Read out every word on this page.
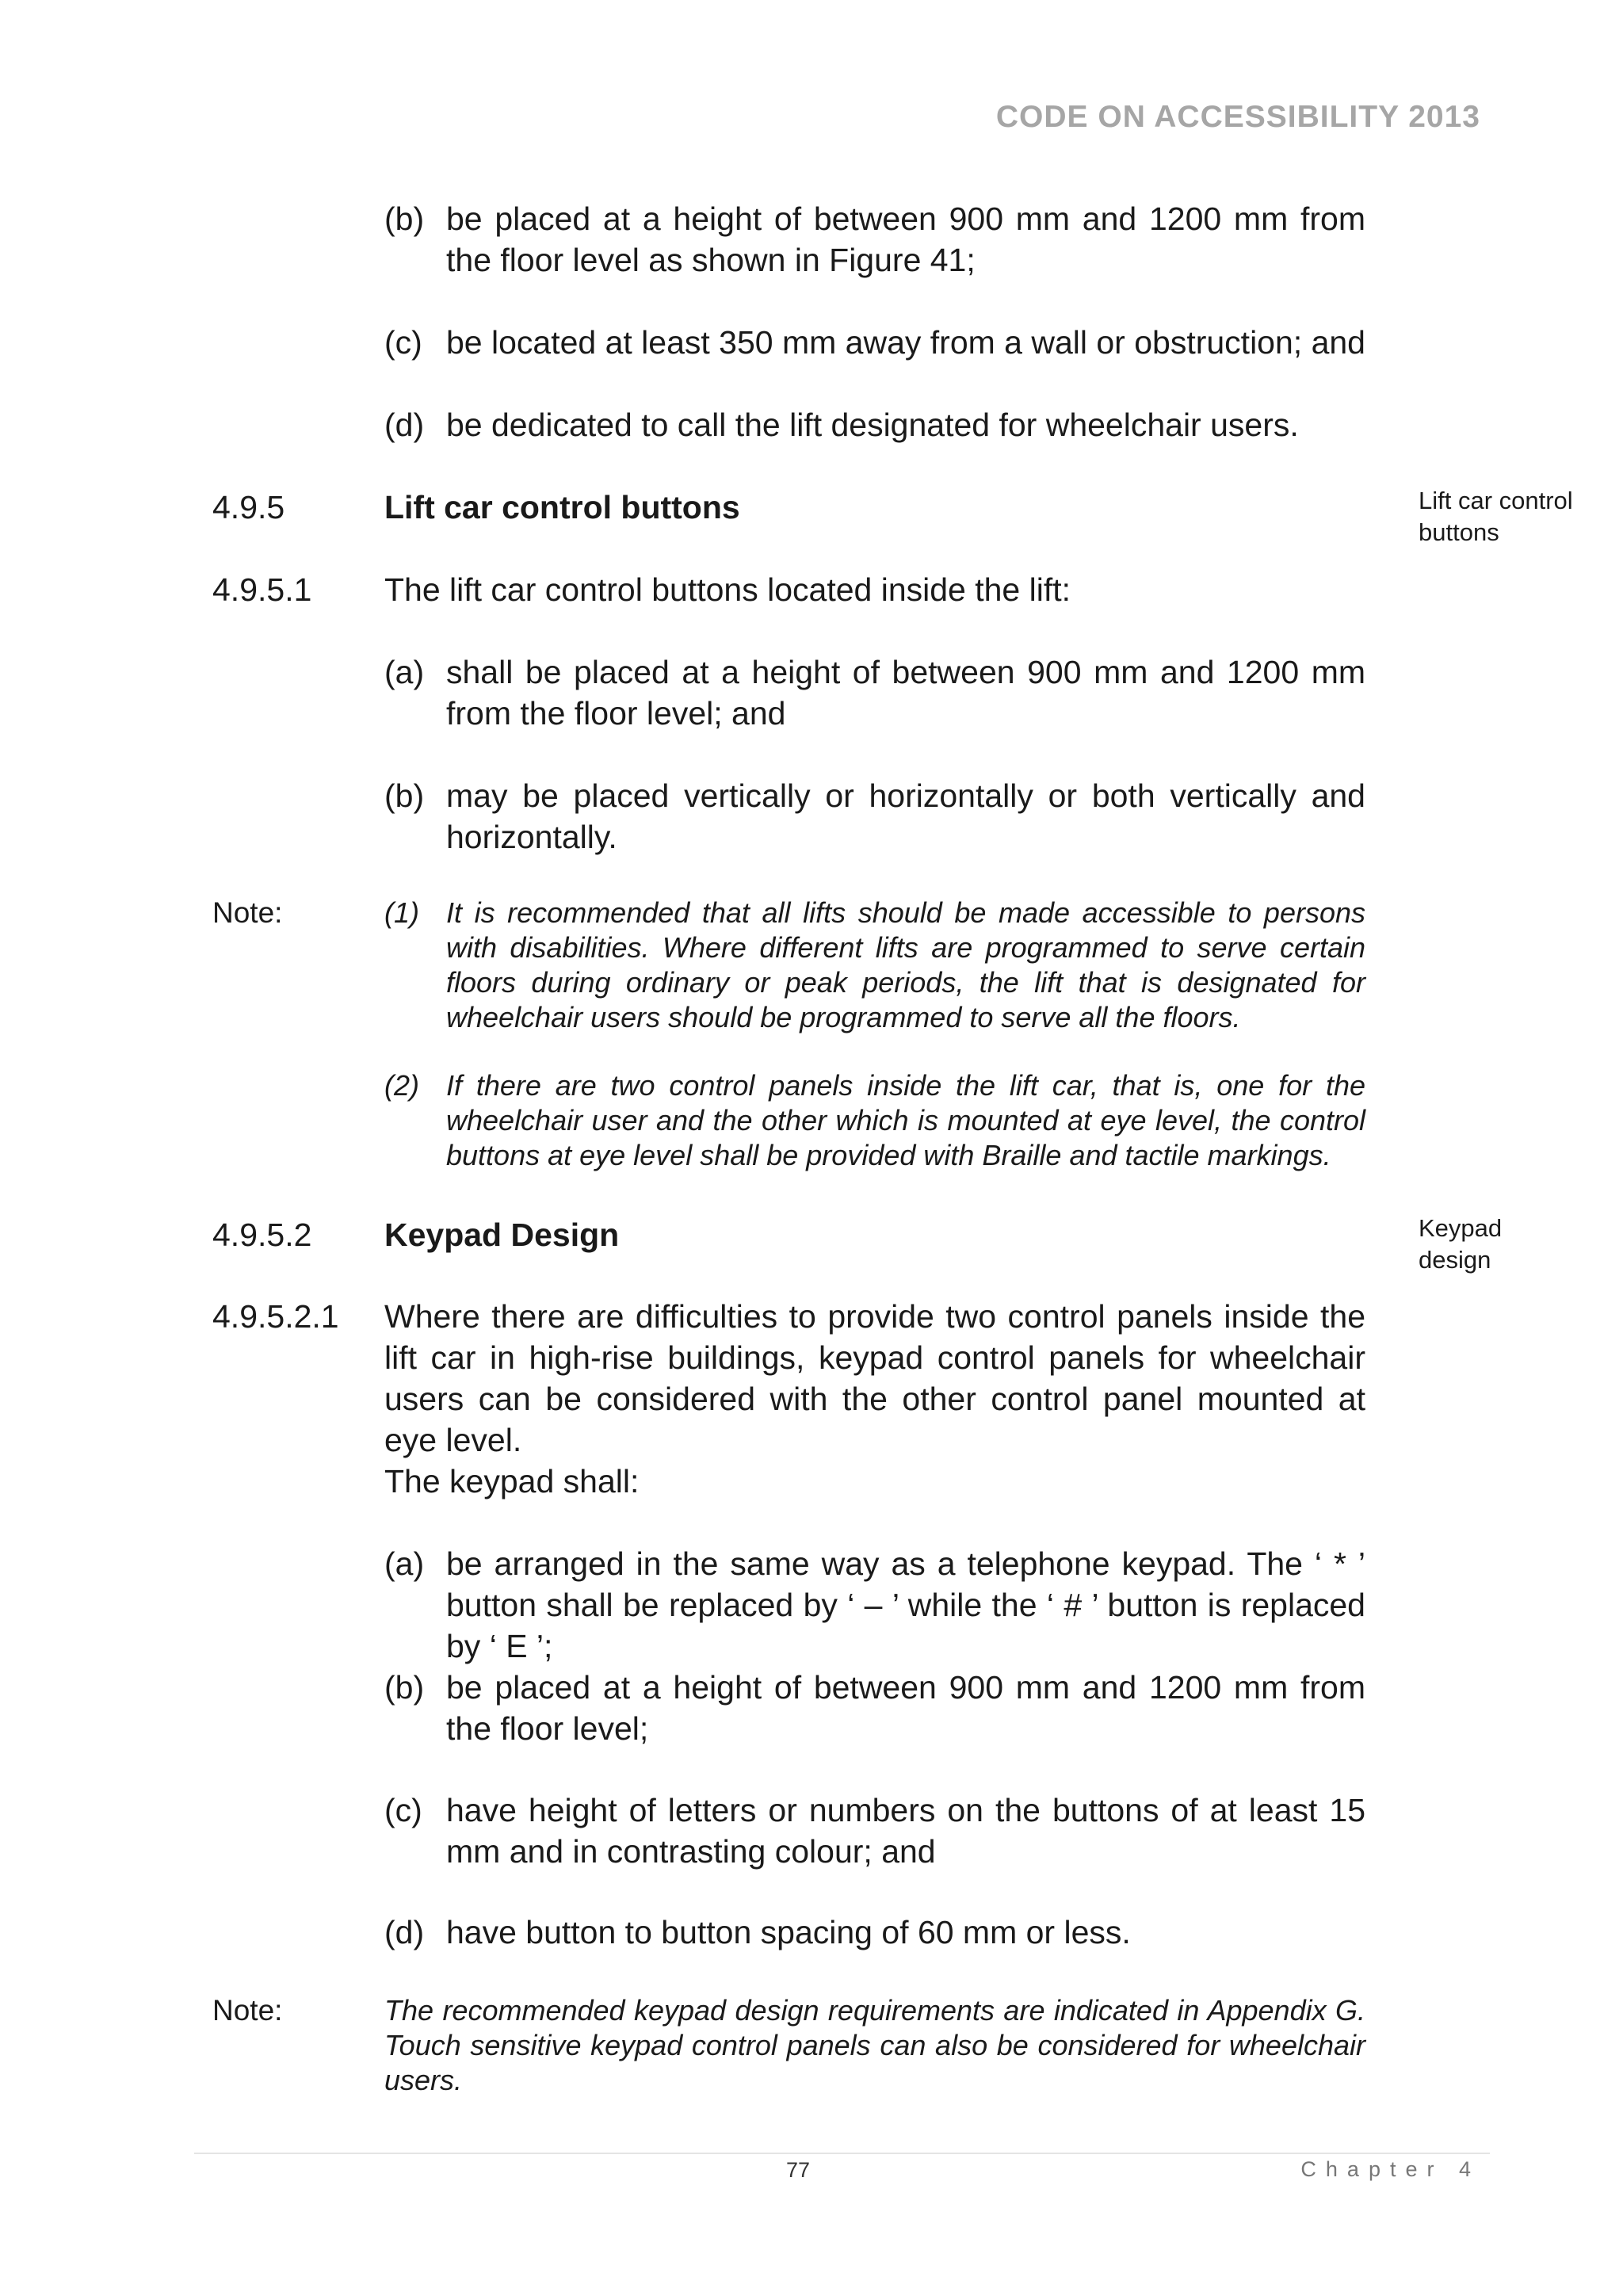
CODE ON ACCESSIBILITY 2013
(b) be placed at a height of between 900 mm and 1200 mm from the floor level as shown in Figure 41;
(c) be located at least 350 mm away from a wall or obstruction; and
(d) be dedicated to call the lift designated for wheelchair users.
4.9.5	Lift car control buttons	Lift car control buttons
4.9.5.1 The lift car control buttons located inside the lift:
(a) shall be placed at a height of between 900 mm and 1200 mm from the floor level; and
(b) may be placed vertically or horizontally or both vertically and horizontally.
Note:	(1) It is recommended that all lifts should be made accessible to persons with disabilities. Where different lifts are programmed to serve certain floors during ordinary or peak periods, the lift that is designated for wheelchair users should be programmed to serve all the floors.
(2) If there are two control panels inside the lift car, that is, one for the wheelchair user and the other which is mounted at eye level, the control buttons at eye level shall be provided with Braille and tactile markings.
4.9.5.2 Keypad Design	Keypad design
4.9.5.2.1 Where there are difficulties to provide two control panels inside the lift car in high-rise buildings, keypad control panels for wheelchair users can be considered with the other control panel mounted at eye level.
The keypad shall:
(a) be arranged in the same way as a telephone keypad. The ‘ * ’ button shall be replaced by ‘ – ’ while the ‘ # ’ button is replaced by ‘ E ’;
(b) be placed at a height of between 900 mm and 1200 mm from the floor level;
(c) have height of letters or numbers on the buttons of at least 15 mm and in contrasting colour; and
(d) have button to button spacing of 60 mm or less.
Note:	The recommended keypad design requirements are indicated in Appendix G. Touch sensitive keypad control panels can also be considered for wheelchair users.
77	Chapter 4
